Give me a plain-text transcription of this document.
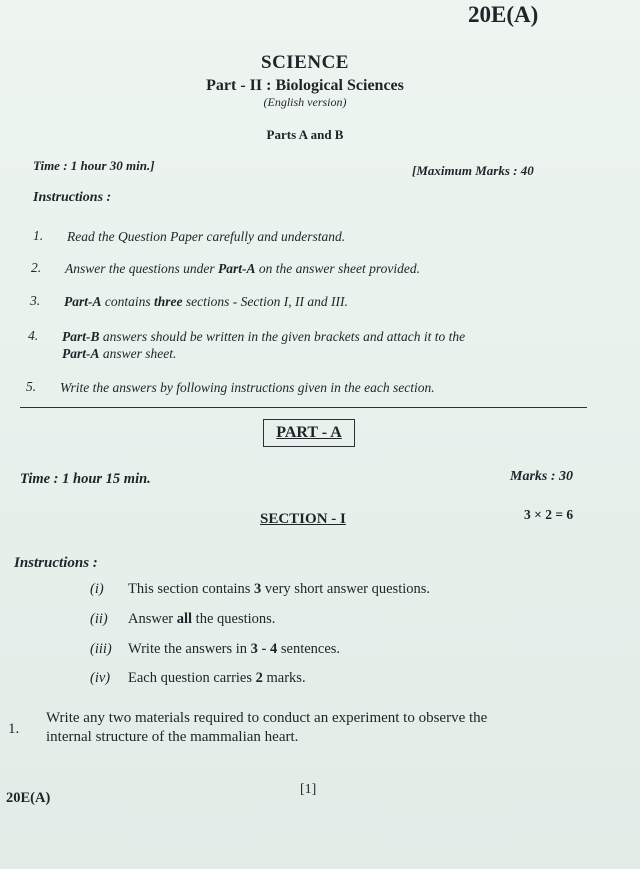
20E(A)
SCIENCE
Part - II : Biological Sciences
(English version)
Parts A and B
Time : 1 hour 30 min.]	[Maximum Marks : 40
Instructions :
1. Read the Question Paper carefully and understand.
2. Answer the questions under Part-A on the answer sheet provided.
3. Part-A contains three sections - Section I, II and III.
4. Part-B answers should be written in the given brackets and attach it to the
Part-A answer sheet.
5. Write the answers by following instructions given in the each section.
PART - A
Time : 1 hour 15 min.	Marks : 30
SECTION - I	3 × 2 = 6
Instructions :
(i) This section contains 3 very short answer questions.
(ii) Answer all the questions.
(iii) Write the answers in 3 - 4 sentences.
(iv) Each question carries 2 marks.
1.
Write any two materials required to conduct an experiment to observe the
internal structure of the mammalian heart.
20E(A)
[1]
